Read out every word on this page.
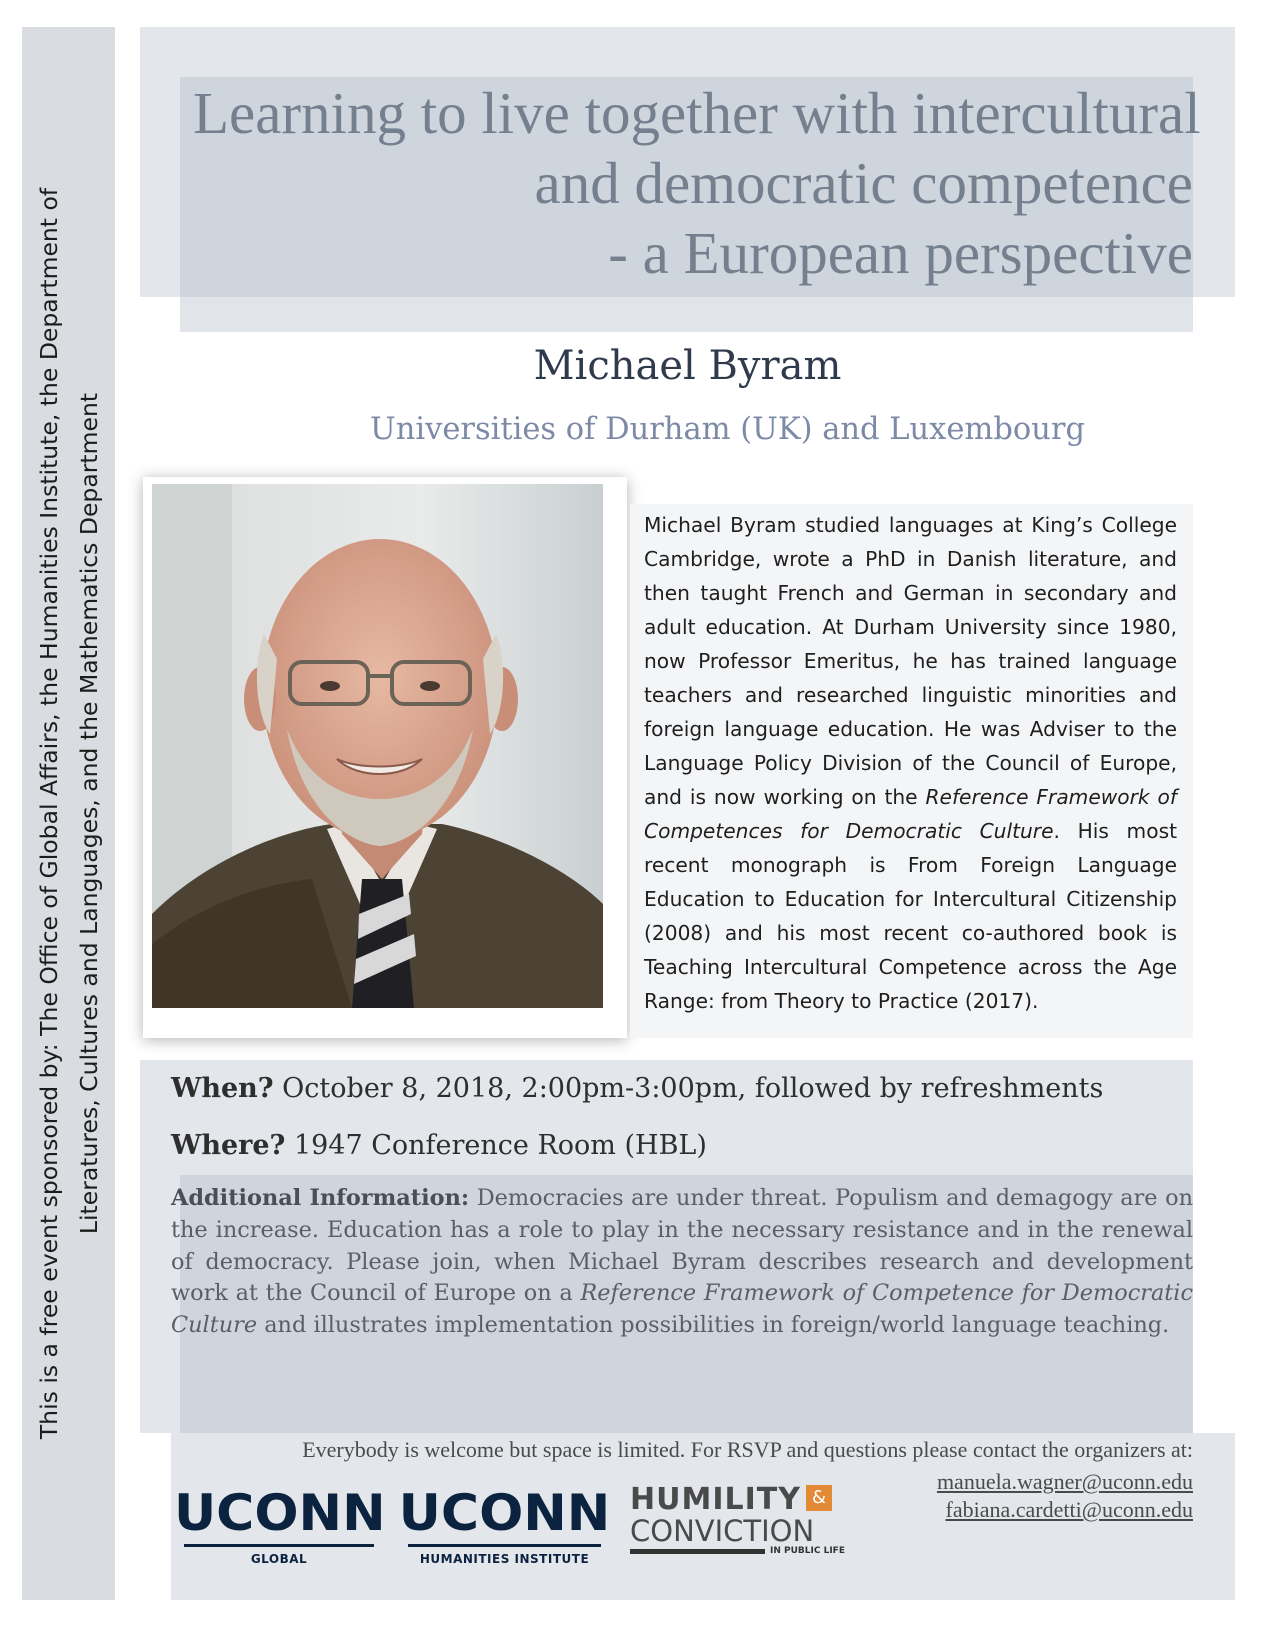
This is a free event sponsored by: The Office of Global Affairs, the Humanities Institute, the Department of Literatures, Cultures and Languages, and the Mathematics Department
Learning to live together with intercultural
and democratic competence
- a European perspective
Michael Byram
Universities of Durham (UK) and Luxembourg

Michael Byram studied languages at King’s College Cambridge, wrote a PhD in Danish literature, and then taught French and German in secondary and adult education. At Durham University since 1980, now Professor Emeritus, he has trained language teachers and researched linguistic minorities and foreign language education. He was Adviser to the Language Policy Division of the Council of Europe, and is now working on the Reference Framework of Competences for Democratic Culture. His most recent monograph is From Foreign Language Education to Education for Intercultural Citizenship (2008) and his most recent co-authored book is Teaching Intercultural Competence across the Age Range: from Theory to Practice (2017).

When? October 8, 2018, 2:00pm-3:00pm, followed by refreshments
Where? 1947 Conference Room (HBL)

Additional Information: Democracies are under threat. Populism and demagogy are on the increase. Education has a role to play in the necessary resistance and in the renewal of democracy. Please join, when Michael Byram describes research and development work at the Council of Europe on a Reference Framework of Competence for Democratic Culture and illustrates implementation possibilities in foreign/world language teaching.

Everybody is welcome but space is limited. For RSVP and questions please contact the organizers at:
manuela.wagner@uconn.edu
fabiana.cardetti@uconn.edu
UCONN
GLOBAL
UCONN
HUMANITIES INSTITUTE
HUMILITY &
CONVICTION
IN PUBLIC LIFE
